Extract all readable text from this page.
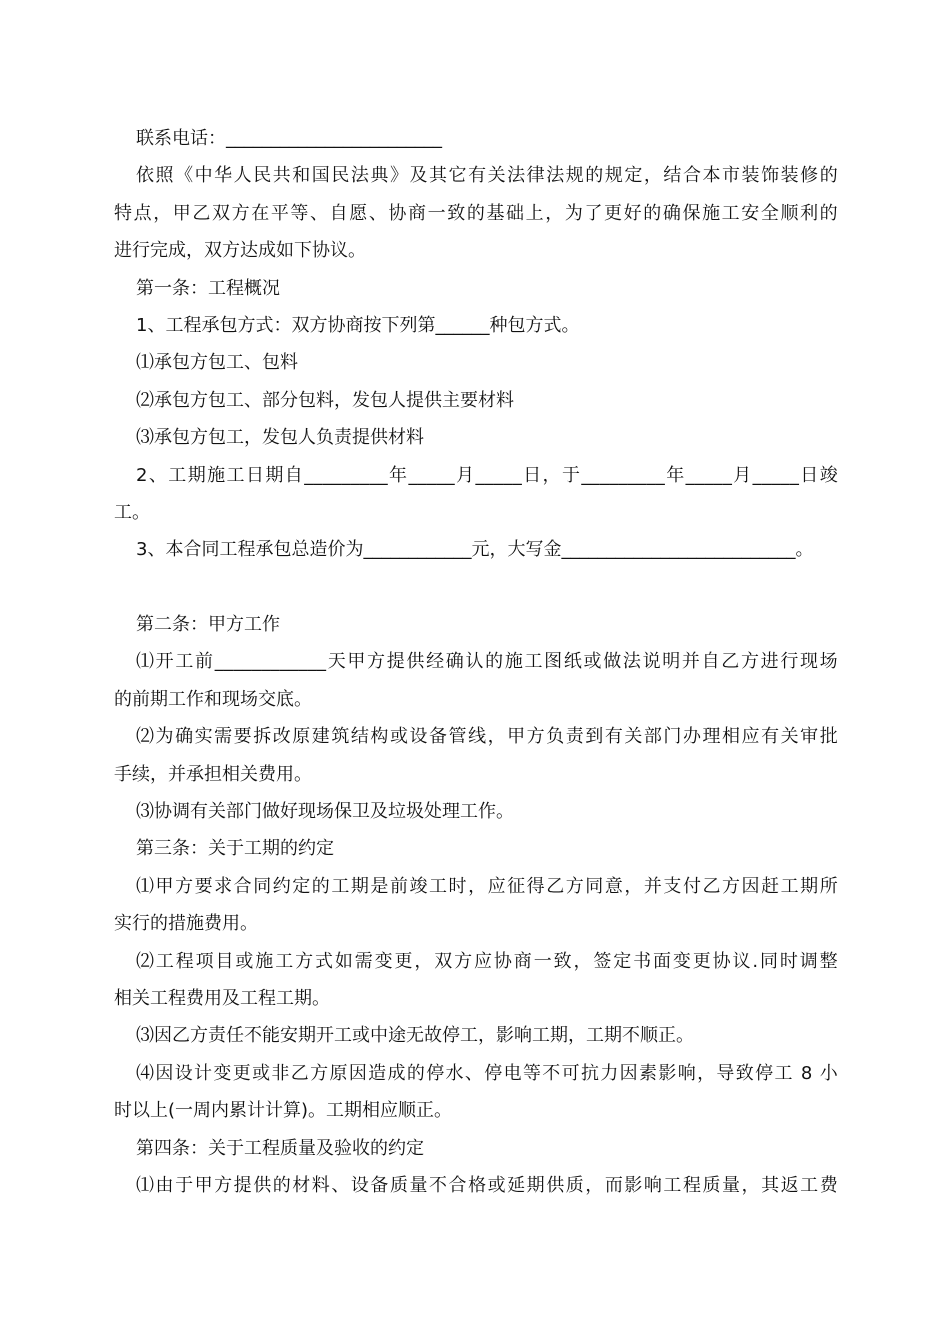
联系电话：________________________
依照《中华人民共和国民法典》及其它有关法律法规的规定，结合本市装饰装修的
特点，甲乙双方在平等、自愿、协商一致的基础上，为了更好的确保施工安全顺利的
进行完成，双方达成如下协议。
第一条：工程概况
1、工程承包方式：双方协商按下列第______种包方式。
⑴承包方包工、包料
⑵承包方包工、部分包料，发包人提供主要材料
⑶承包方包工，发包人负责提供材料
2、工期施工日期自_________年_____月_____日，于_________年_____月_____日竣
工。
3、本合同工程承包总造价为____________元，大写金__________________________。
第二条：甲方工作
⑴开工前____________天甲方提供经确认的施工图纸或做法说明并自乙方进行现场
的前期工作和现场交底。
⑵为确实需要拆改原建筑结构或设备管线，甲方负责到有关部门办理相应有关审批
手续，并承担相关费用。
⑶协调有关部门做好现场保卫及垃圾处理工作。
第三条：关于工期的约定
⑴甲方要求合同约定的工期是前竣工时，应征得乙方同意，并支付乙方因赶工期所
实行的措施费用。
⑵工程项目或施工方式如需变更，双方应协商一致，签定书面变更协议.同时调整
相关工程费用及工程工期。
⑶因乙方责任不能安期开工或中途无故停工，影响工期，工期不顺正。
⑷因设计变更或非乙方原因造成的停水、停电等不可抗力因素影响，导致停工 8 小
时以上(一周内累计计算)。工期相应顺正。
第四条：关于工程质量及验收的约定
⑴由于甲方提供的材料、设备质量不合格或延期供质，而影响工程质量，其返工费
